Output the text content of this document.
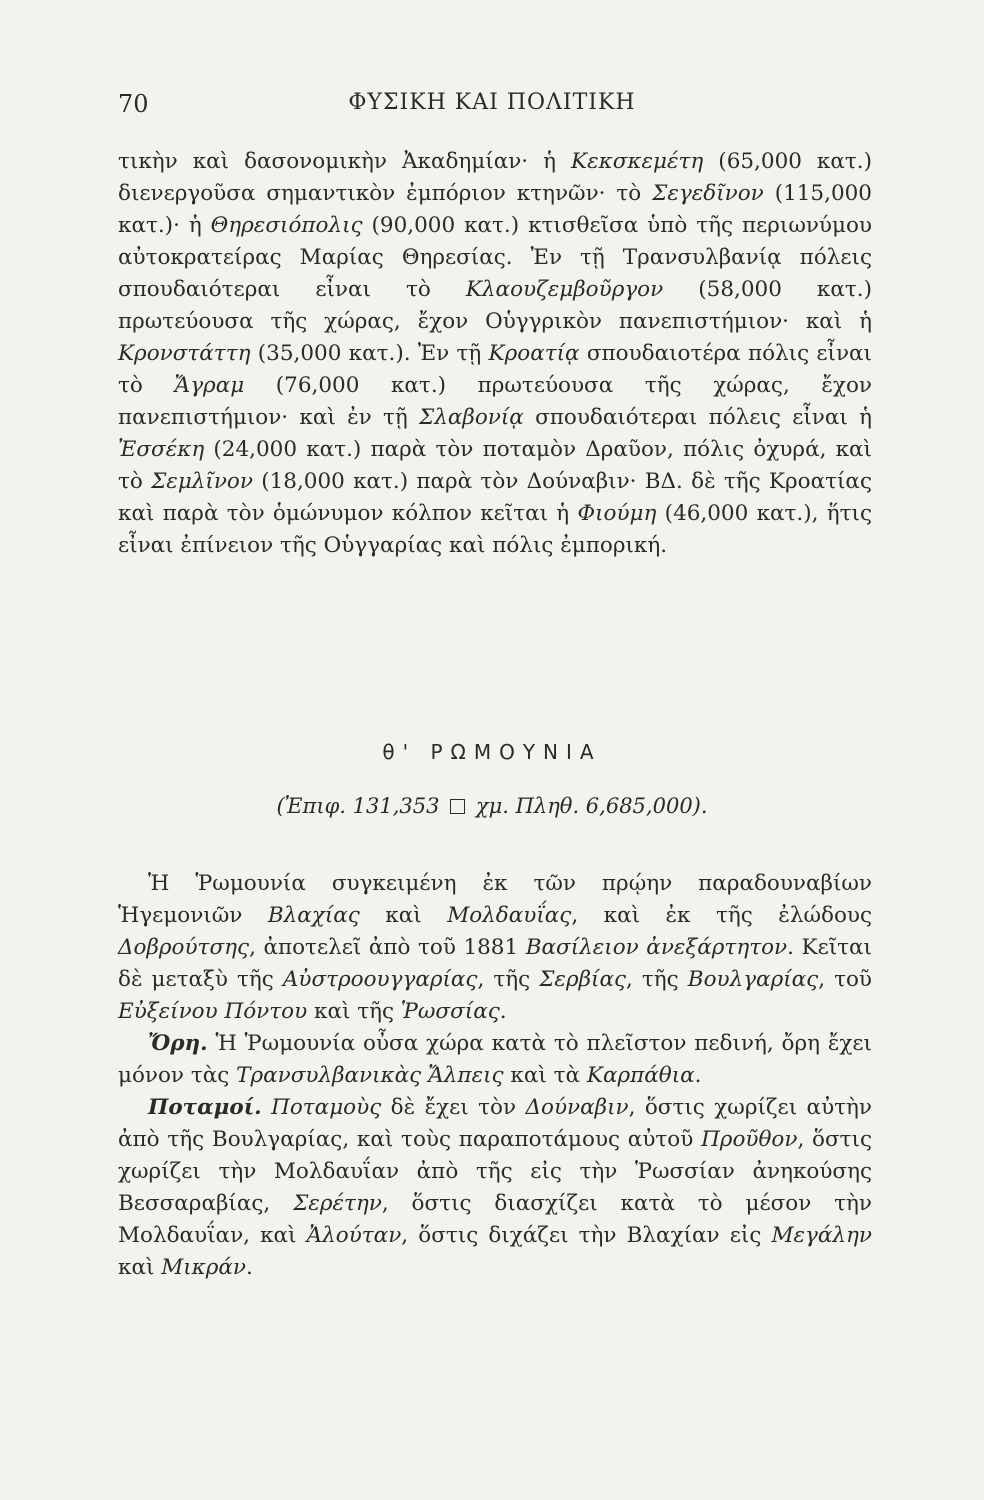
70	ΦΥΣΙΚΗ ΚΑΙ ΠΟΛΙΤΙΚΗ
τικὴν καὶ δασονομικὴν Ἀκαδημίαν· ἡ Κεκσκεμέτη (65,000 κατ.) διενεργοῦσα σημαντικὸν ἐμπόριον κτηνῶν· τὸ Σεγεδῖνον (115,000 κατ.)· ἡ Θηρεσιόπολις (90,000 κατ.) κτισθεῖσα ὑπὸ τῆς περιωνύμου αὐτοκρατείρας Μαρίας Θηρεσίας. Ἐν τῇ Τρανσυλβανίᾳ πόλεις σπουδαιότεραι εἶναι τὸ Κλαουζεμβοῦργον (58,000 κατ.) πρωτεύουσα τῆς χώρας, ἔχον Οὑγγρικὸν πανεπιστήμιον· καὶ ἡ Κρονστάττη (35,000 κατ.). Ἐν τῇ Κροατίᾳ σπουδαιοτέρα πόλις εἶναι τὸ Ἄγραμ (76,000 κατ.) πρωτεύουσα τῆς χώρας, ἔχον πανεπιστήμιον· καὶ ἐν τῇ Σλαβονίᾳ σπουδαιότεραι πόλεις εἶναι ἡ Ἐσσέκη (24,000 κατ.) παρὰ τὸν ποταμὸν Δραῦον, πόλις ὀχυρά, καὶ τὸ Σεμλῖνον (18,000 κατ.) παρὰ τὸν Δούναβιν· ΒΔ. δὲ τῆς Κροατίας καὶ παρὰ τὸν ὁμώνυμον κόλπον κεῖται ἡ Φιούμη (46,000 κατ.), ἥτις εἶναι ἐπίνειον τῆς Οὑγγαρίας καὶ πόλις ἐμπορική.
θ' ΡΩΜΟΥΝΙΑ
(Ἐπιφ. 131,353 χμ. Πληθ. 6,685,000).

Ἡ Ῥωμουνία συγκειμένη ἐκ τῶν πρῴην παραδουναβίων Ἡγεμονιῶν Βλαχίας καὶ Μολδαυΐας, καὶ ἐκ τῆς ἐλώδους Δοβρούτσης, ἀποτελεῖ ἀπὸ τοῦ 1881 Βασίλειον ἀνεξάρτητον. Κεῖται δὲ μεταξὺ τῆς Αὐστροουγγαρίας, τῆς Σερβίας, τῆς Βουλγαρίας, τοῦ Εὐξείνου Πόντου καὶ τῆς Ῥωσσίας.

Ὄρη. Ἡ Ῥωμουνία οὖσα χώρα κατὰ τὸ πλεῖστον πεδινή, ὄρη ἔχει μόνον τὰς Τρανσυλβανικὰς Ἄλπεις καὶ τὰ Καρπάθια.

Ποταμοί. Ποταμοὺς δὲ ἔχει τὸν Δούναβιν, ὅστις χωρίζει αὐτὴν ἀπὸ τῆς Βουλγαρίας, καὶ τοὺς παραποτάμους αὐτοῦ Προῦθον, ὅστις χωρίζει τὴν Μολδαυΐαν ἀπὸ τῆς εἰς τὴν Ῥωσσίαν ἀνηκούσης Βεσσαραβίας, Σερέτην, ὅστις διασχίζει κατὰ τὸ μέσον τὴν Μολδαυΐαν, καὶ Ἀλούταν, ὅστις διχάζει τὴν Βλαχίαν εἰς Μεγάλην καὶ Μικράν.
